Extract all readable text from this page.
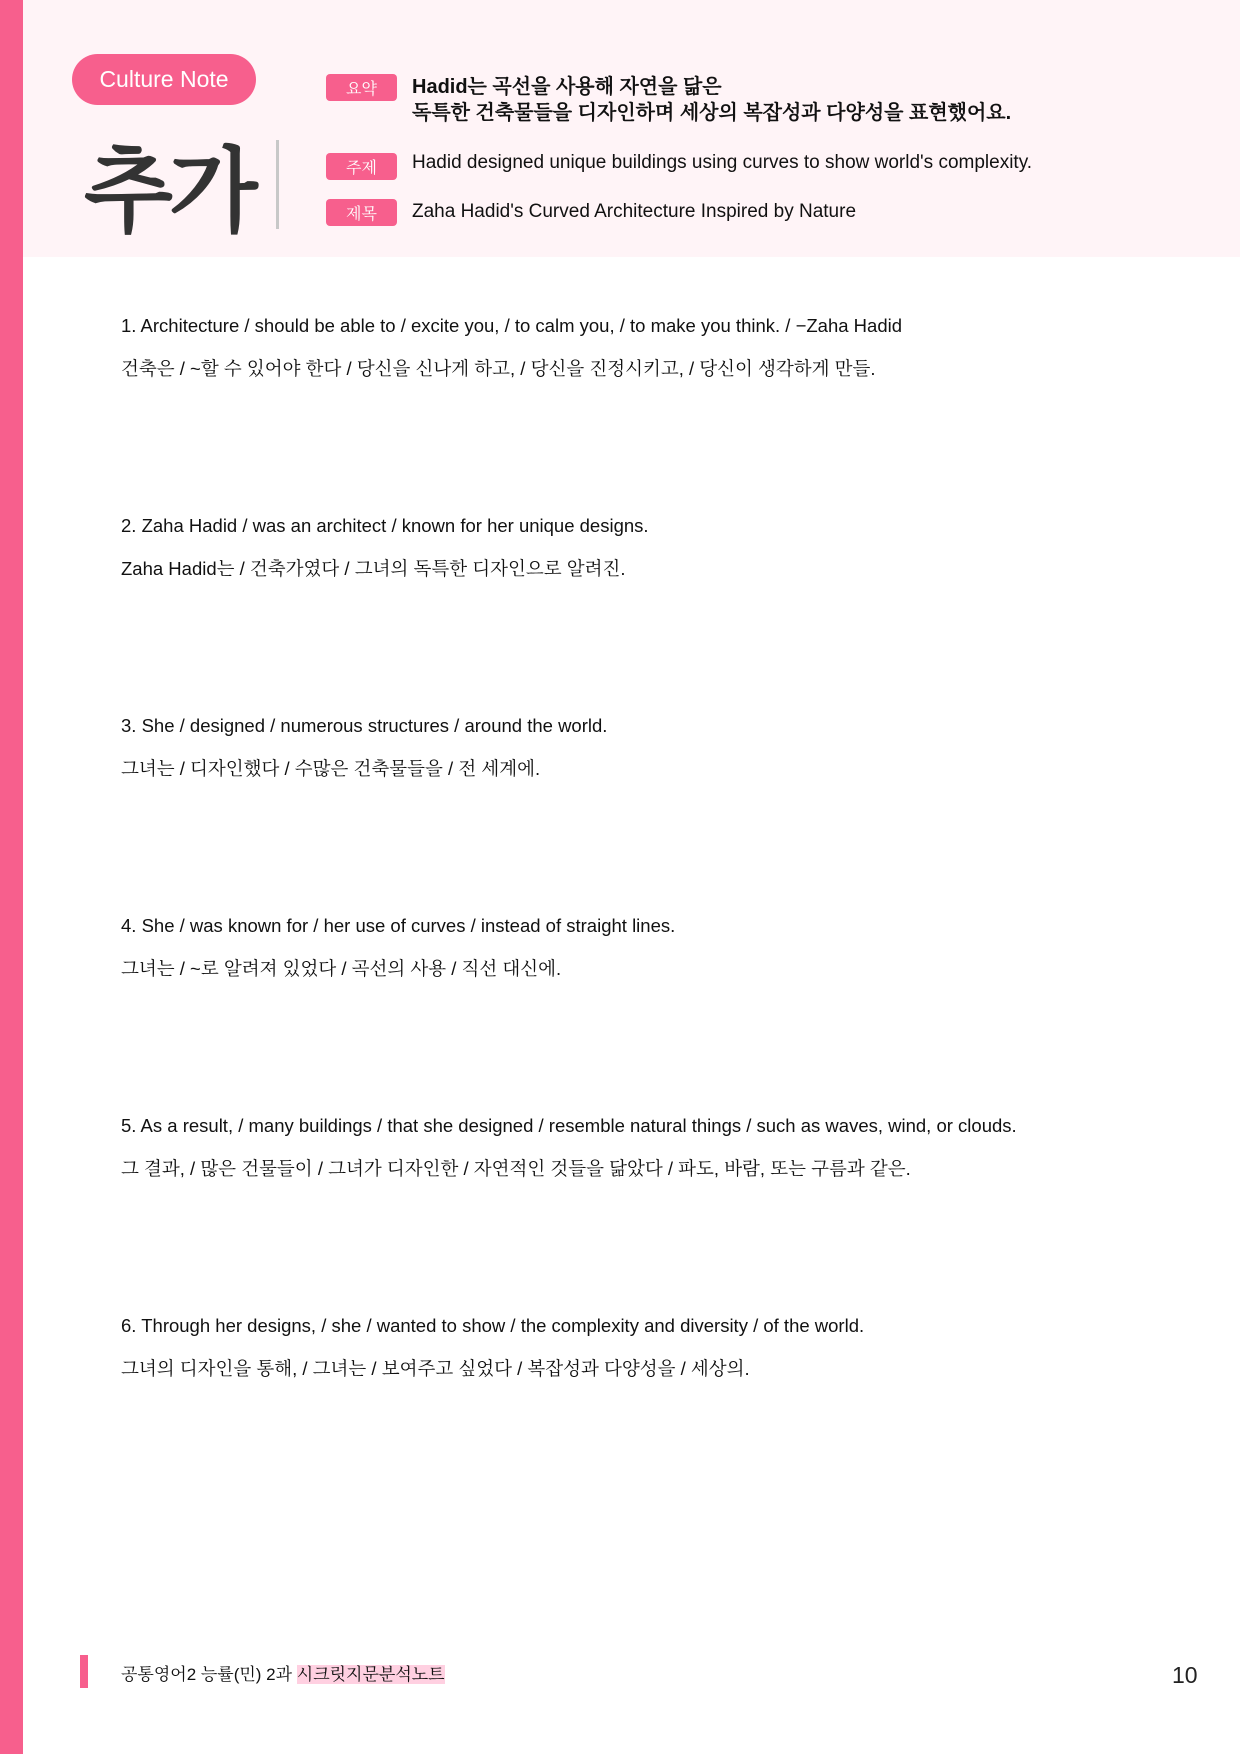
Culture Note
추가
요약	Hadid는 곡선을 사용해 자연을 닮은
독특한 건축물들을 디자인하며 세상의 복잡성과 다양성을 표현했어요.
주제	Hadid designed unique buildings using curves to show world's complexity.
제목	Zaha Hadid's Curved Architecture Inspired by Nature
1. Architecture / should be able to / excite you, / to calm you, / to make you think. / −Zaha Hadid
건축은 / ~할 수 있어야 한다 / 당신을 신나게 하고, / 당신을 진정시키고, / 당신이 생각하게 만들.
2. Zaha Hadid / was an architect / known for her unique designs.
Zaha Hadid는 / 건축가였다 / 그녀의 독특한 디자인으로 알려진.
3. She / designed / numerous structures / around the world.
그녀는 / 디자인했다 / 수많은 건축물들을 / 전 세계에.
4. She / was known for / her use of curves / instead of straight lines.
그녀는 / ~로 알려져 있었다 / 곡선의 사용 / 직선 대신에.
5. As a result, / many buildings / that she designed / resemble natural things / such as waves, wind, or clouds.
그 결과, / 많은 건물들이 / 그녀가 디자인한 / 자연적인 것들을 닮았다 / 파도, 바람, 또는 구름과 같은.
6. Through her designs, / she / wanted to show / the complexity and diversity / of the world.
그녀의 디자인을 통해, / 그녀는 / 보여주고 싶었다 / 복잡성과 다양성을 / 세상의.
공통영어2 능률(민) 2과 시크릿지문분석노트	10
